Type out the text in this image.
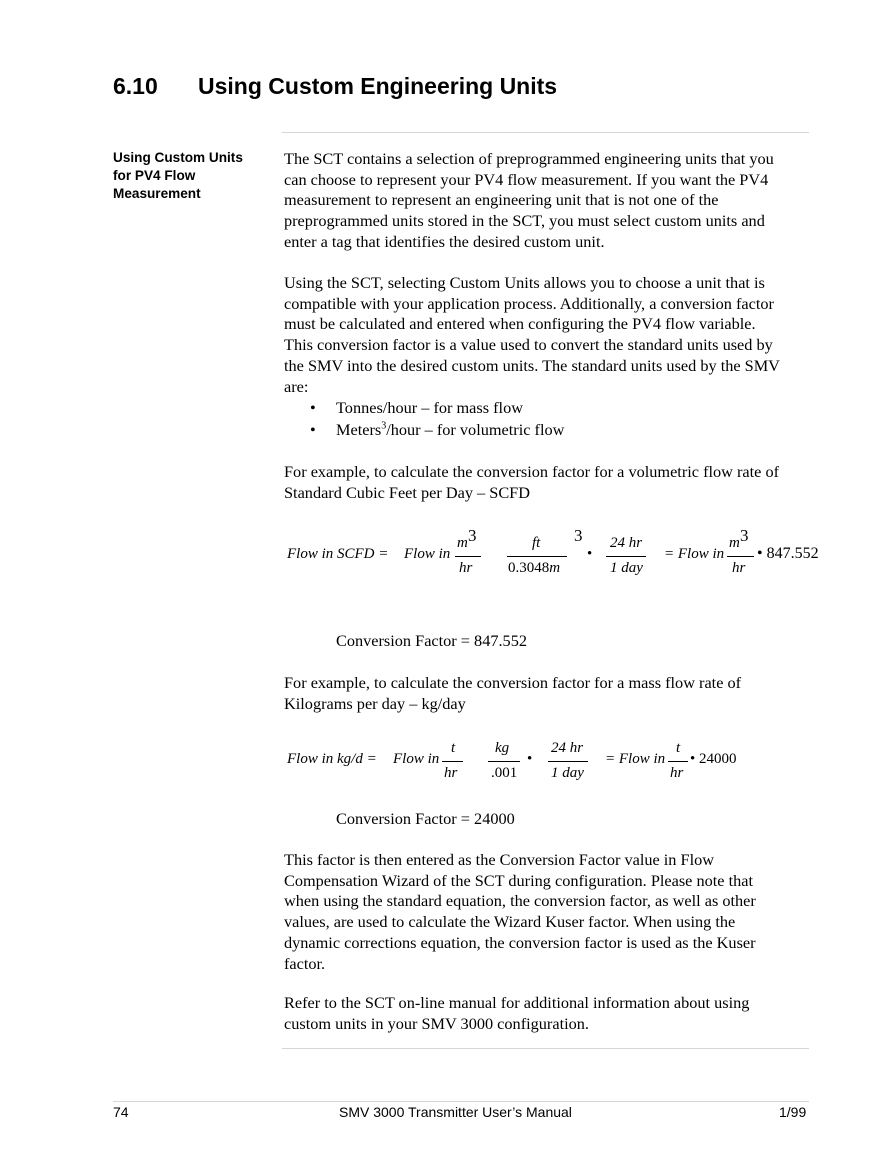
6.10 Using Custom Engineering Units
Using Custom Units
for PV4 Flow
Measurement
The SCT contains a selection of preprogrammed engineering units that you
can choose to represent your PV4 flow measurement. If you want the PV4
measurement to represent an engineering unit that is not one of the
preprogrammed units stored in the SCT, you must select custom units and
enter a tag that identifies the desired custom unit.
Using the SCT, selecting Custom Units allows you to choose a unit that is
compatible with your application process. Additionally, a conversion factor
must be calculated and entered when configuring the PV4 flow variable.
This conversion factor is a value used to convert the standard units used by
the SMV into the desired custom units. The standard units used by the SMV
are:
• Tonnes/hour – for mass flow
• Meters$^3$/hour – for volumetric flow
For example, to calculate the conversion factor for a volumetric flow rate of
Standard Cubic Feet per Day – SCFD
Flow in SCFD = Flow in
m 3
hr
ft
0.3048m
3
•
24 hr
1 day
= Flow in
m 3
hr
• 847.552
Conversion Factor = 847.552
For example, to calculate the conversion factor for a mass flow rate of
Kilograms per day – kg/day
Flow in kg/d = Flow in
t
hr
kg
.001
•
24 hr
1 day
= Flow in
t
hr
• 24000
Conversion Factor = 24000
This factor is then entered as the Conversion Factor value in Flow
Compensation Wizard of the SCT during configuration. Please note that
when using the standard equation, the conversion factor, as well as other
values, are used to calculate the Wizard Kuser factor. When using the
dynamic corrections equation, the conversion factor is used as the Kuser
factor.
Refer to the SCT on-line manual for additional information about using
custom units in your SMV 3000 configuration.
74	SMV 3000 Transmitter User’s Manual	1/99
